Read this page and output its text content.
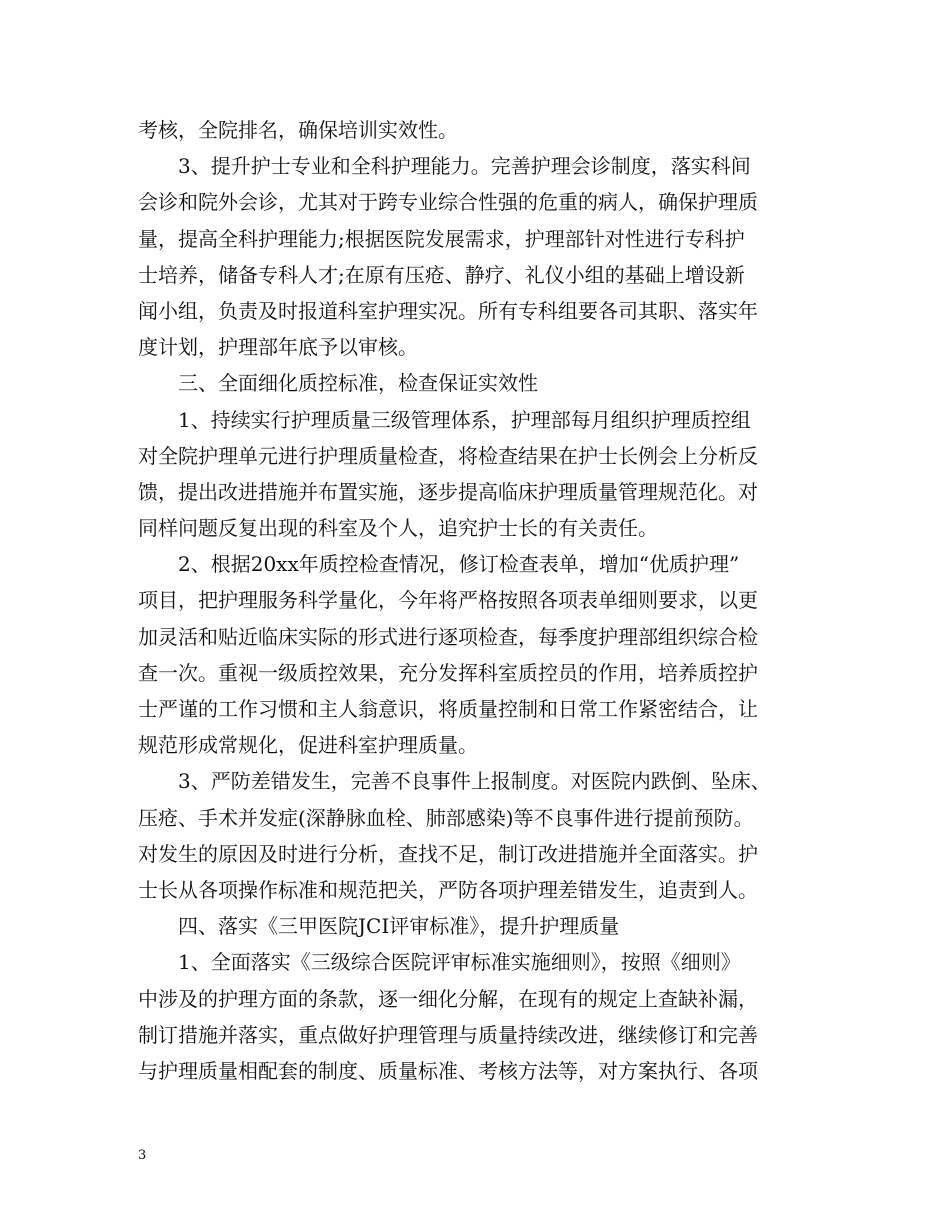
考核，全院排名，确保培训实效性。
3、提升护士专业和全科护理能力。完善护理会诊制度，落实科间
会诊和院外会诊，尤其对于跨专业综合性强的危重的病人，确保护理质
量，提高全科护理能力;根据医院发展需求，护理部针对性进行专科护
士培养，储备专科人才;在原有压疮、静疗、礼仪小组的基础上增设新
闻小组，负责及时报道科室护理实况。所有专科组要各司其职、落实年
度计划，护理部年底予以审核。
三、全面细化质控标准，检查保证实效性
1、持续实行护理质量三级管理体系，护理部每月组织护理质控组
对全院护理单元进行护理质量检查，将检查结果在护士长例会上分析反
馈，提出改进措施并布置实施，逐步提高临床护理质量管理规范化。对
同样问题反复出现的科室及个人，追究护士长的有关责任。
2、根据20xx年质控检查情况，修订检查表单，增加“优质护理”
项目，把护理服务科学量化，今年将严格按照各项表单细则要求，以更
加灵活和贴近临床实际的形式进行逐项检查，每季度护理部组织综合检
查一次。重视一级质控效果，充分发挥科室质控员的作用，培养质控护
士严谨的工作习惯和主人翁意识，将质量控制和日常工作紧密结合，让
规范形成常规化，促进科室护理质量。
3、严防差错发生，完善不良事件上报制度。对医院内跌倒、坠床、
压疮、手术并发症(深静脉血栓、肺部感染)等不良事件进行提前预防。
对发生的原因及时进行分析，查找不足，制订改进措施并全面落实。护
士长从各项操作标准和规范把关，严防各项护理差错发生，追责到人。
四、落实《三甲医院JCI评审标准》，提升护理质量
1、全面落实《三级综合医院评审标准实施细则》，按照《细则》
中涉及的护理方面的条款，逐一细化分解，在现有的规定上查缺补漏，
制订措施并落实，重点做好护理管理与质量持续改进，继续修订和完善
与护理质量相配套的制度、质量标准、考核方法等，对方案执行、各项
3
